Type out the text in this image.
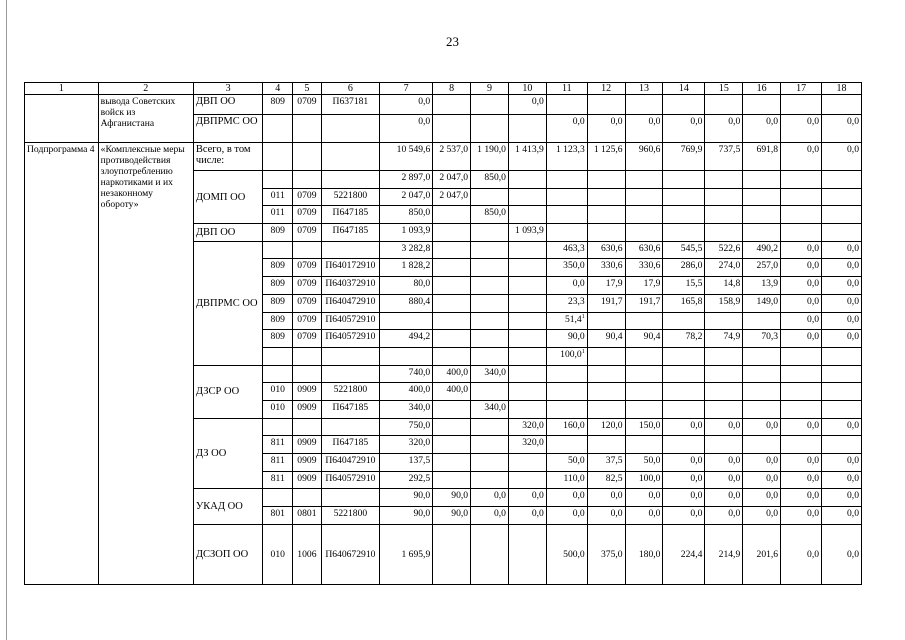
23
1	2	3	4	5	6	7	8	9	10	11	12	13	14	15	16	17	18
	вывода Советских войск из Афганистана	ДВП ОО	809	0709	П637181	0,0			0,0								
		ДВПРМС ОО				0,0				0,0	0,0	0,0	0,0	0,0	0,0	0,0	0,0
Подпрограмма 4	«Комплексные меры противодействия злоупотреблению наркотиками и их незаконному обороту»	Всего, в том числе:				10 549,6	2 537,0	1 190,0	1 413,9	1 123,3	1 125,6	960,6	769,9	737,5	691,8	0,0	0,0
		ДОМП ОО				2 897,0	2 047,0	850,0									
			011	0709	5221800	2 047,0	2 047,0										
			011	0709	П647185	850,0		850,0									
		ДВП ОО	809	0709	П647185	1 093,9			1 093,9								
		ДВПРМС ОО				3 282,8				463,3	630,6	630,6	545,5	522,6	490,2	0,0	0,0
			809	0709	П640172910	1 828,2				350,0	330,6	330,6	286,0	274,0	257,0	0,0	0,0
			809	0709	П640372910	80,0				0,0	17,9	17,9	15,5	14,8	13,9	0,0	0,0
			809	0709	П640472910	880,4				23,3	191,7	191,7	165,8	158,9	149,0	0,0	0,0
			809	0709	П640572910					51,4$^1$						0,0	0,0
			809	0709	П640572910	494,2				90,0	90,4	90,4	78,2	74,9	70,3	0,0	0,0
										100,0$^1$							
		ДЗСР ОО				740,0	400,0	340,0									
			010	0909	5221800	400,0	400,0										
			010	0909	П647185	340,0		340,0									
		ДЗ ОО				750,0			320,0	160,0	120,0	150,0	0,0	0,0	0,0	0,0	0,0
			811	0909	П647185	320,0			320,0								
			811	0909	П640472910	137,5				50,0	37,5	50,0	0,0	0,0	0,0	0,0	0,0
			811	0909	П640572910	292,5				110,0	82,5	100,0	0,0	0,0	0,0	0,0	0,0
		УКАД ОО				90,0	90,0	0,0	0,0	0,0	0,0	0,0	0,0	0,0	0,0	0,0	0,0
			801	0801	5221800	90,0	90,0	0,0	0,0	0,0	0,0	0,0	0,0	0,0	0,0	0,0	0,0
		ДСЗОП ОО	010	1006	П640672910	1 695,9				500,0	375,0	180,0	224,4	214,9	201,6	0,0	0,0
